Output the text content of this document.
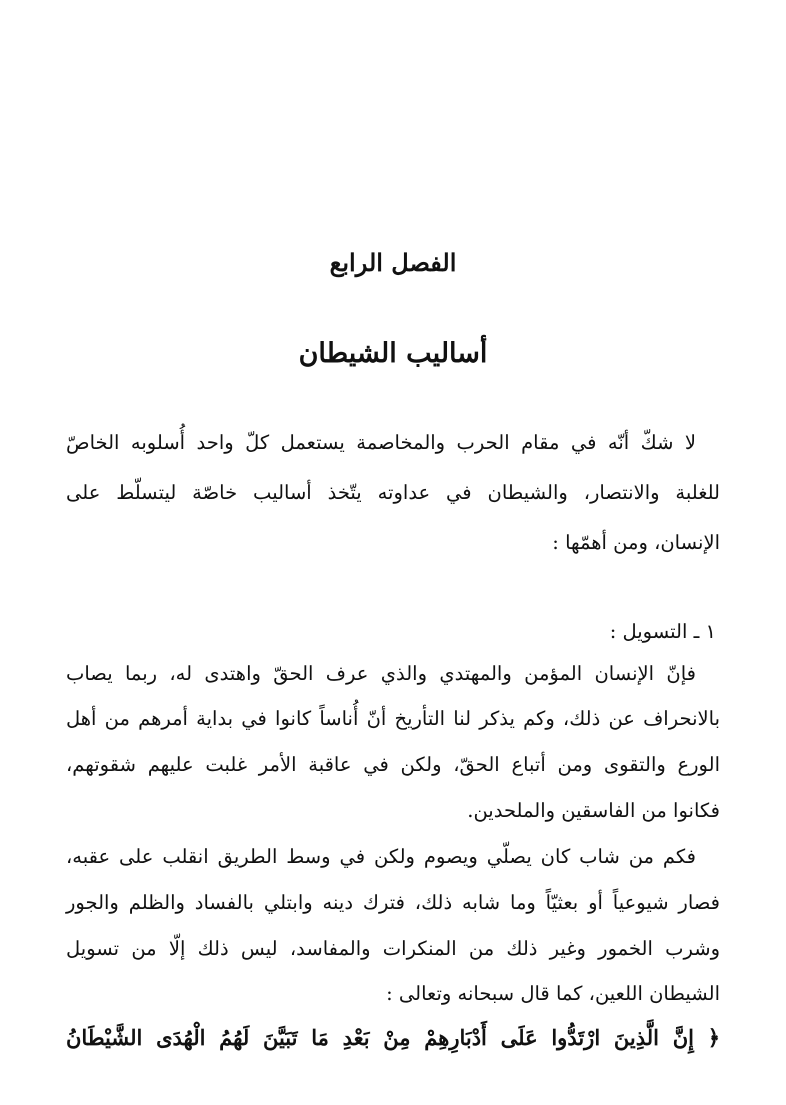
الفصل الرابع
أساليب الشيطان
لا شكّ أنّه في مقام الحرب والمخاصمة يستعمل كلّ واحد أُسلوبه الخاصّ
للغلبة والانتصار، والشيطان في عداوته يتّخذ أساليب خاصّة ليتسلّط على
الإنسان، ومن أهمّها :
١ ـ التسويل :
فإنّ الإنسان المؤمن والمهتدي والذي عرف الحقّ واهتدى له، ربما يصاب
بالانحراف عن ذلك، وكم يذكر لنا التأريخ أنّ أُناساً كانوا في بداية أمرهم من أهل
الورع والتقوى ومن أتباع الحقّ، ولكن في عاقبة الأمر غلبت عليهم شقوتهم،
فكانوا من الفاسقين والملحدين.
فكم من شاب كان يصلّي ويصوم ولكن في وسط الطريق انقلب على عقبه،
فصار شيوعياً أو بعثيّاً وما شابه ذلك، فترك دينه وابتلي بالفساد والظلم والجور
وشرب الخمور وغير ذلك من المنكرات والمفاسد، ليس ذلك إلّا من تسويل
الشيطان اللعين، كما قال سبحانه وتعالى :
﴿ إِنَّ الَّذِينَ ارْتَدُّوا عَلَى أَدْبَارِهِمْ مِنْ بَعْدِ مَا تَبَيَّنَ لَهُمُ الْهُدَى الشَّيْطَانُ
